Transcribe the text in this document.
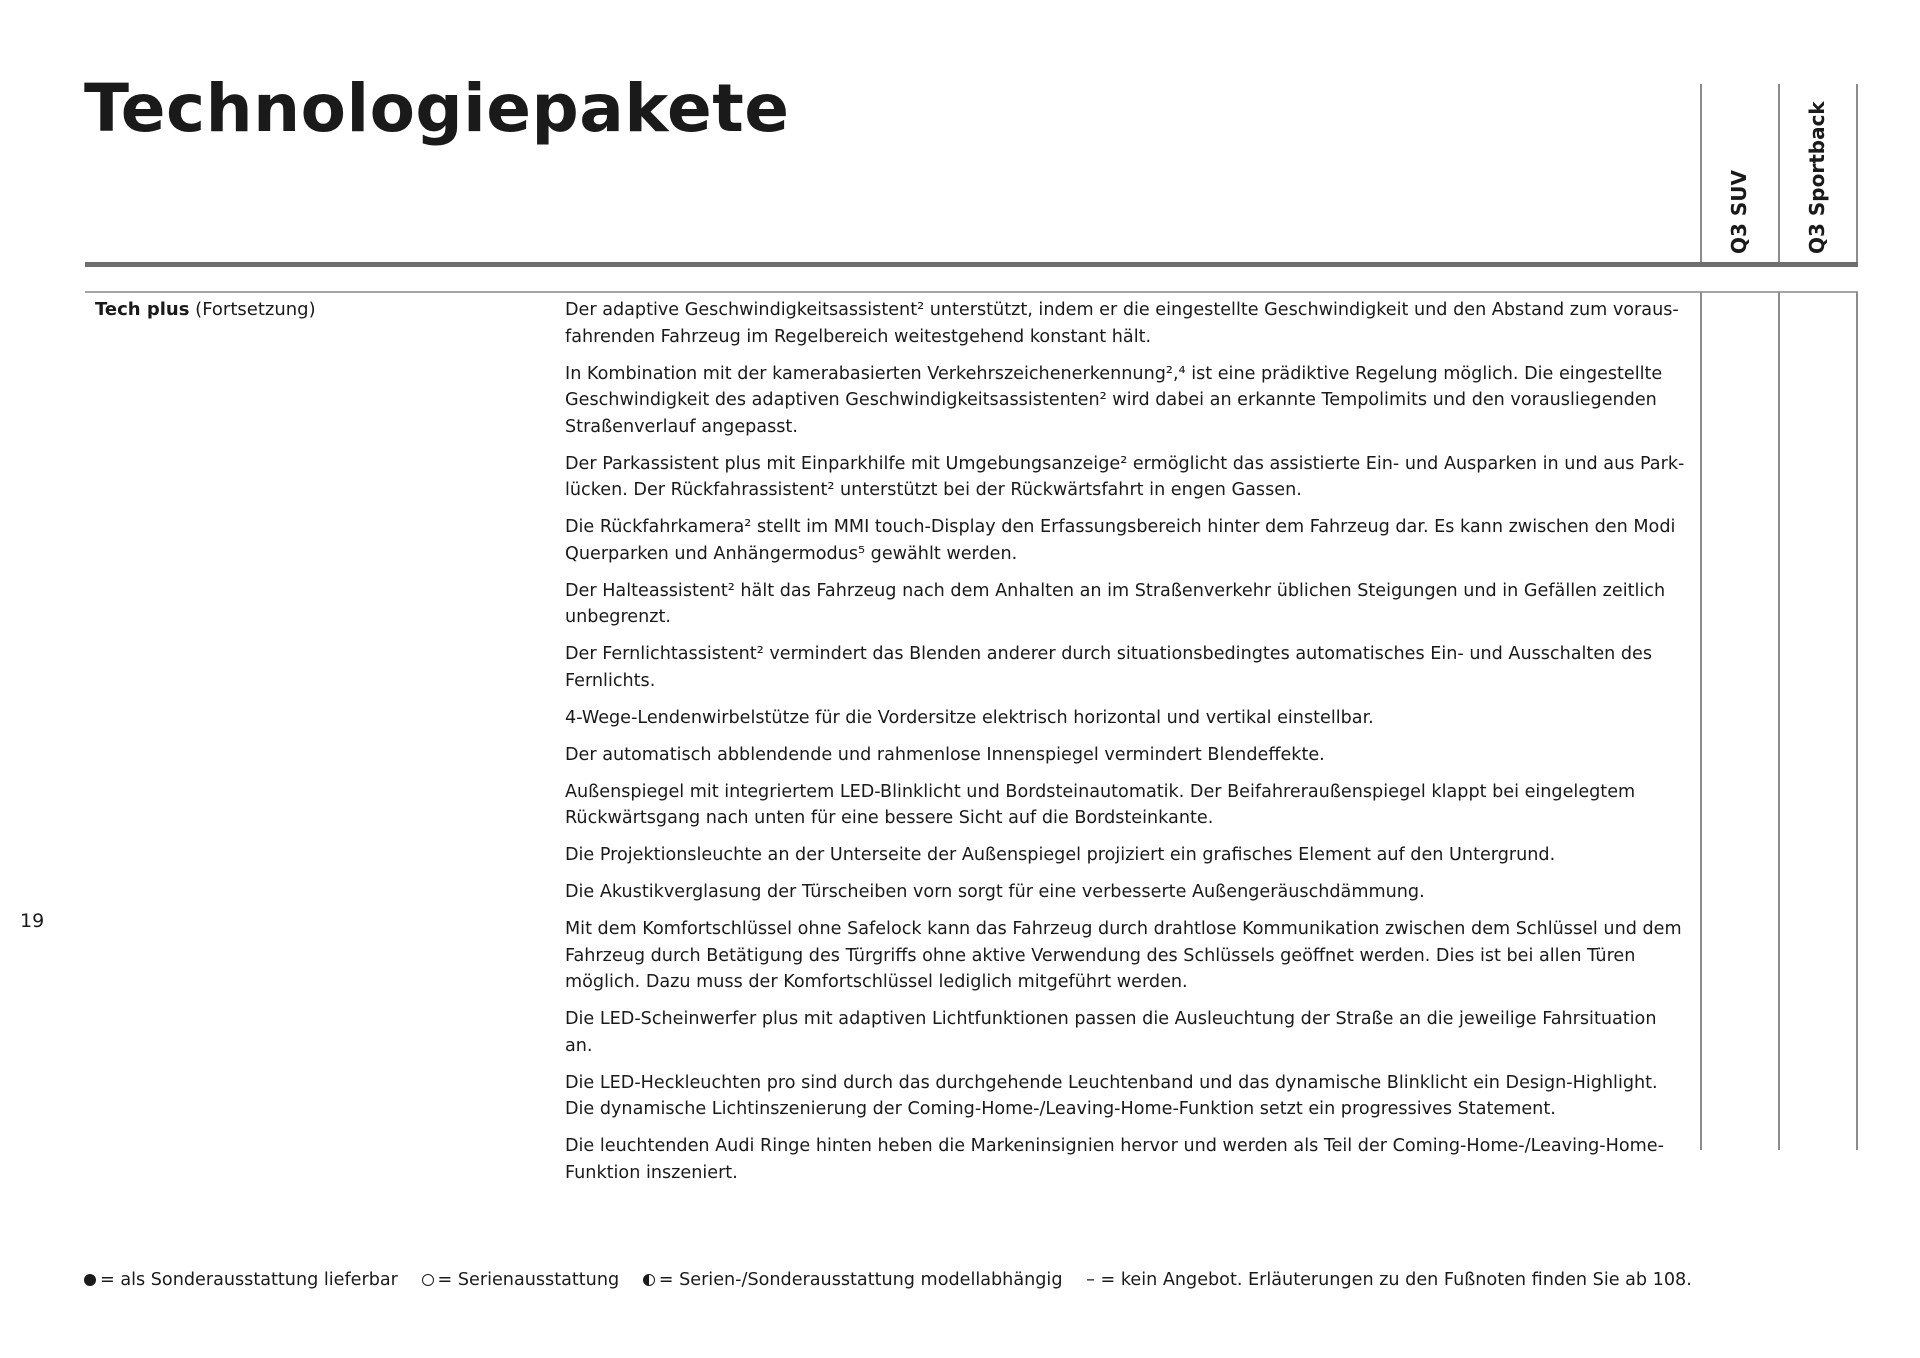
Technologiepakete
Q3 SUV	Q3 Sportback
Tech plus (Fortsetzung)	Der adaptive Geschwindigkeitsassistent² unterstützt, indem er die eingestellte Geschwindigkeit und den Abstand zum voraus-fahrenden Fahrzeug im Regelbereich weitestgehend konstant hält.

In Kombination mit der kamerabasierten Verkehrszeichenerkennung²,⁴ ist eine prädiktive Regelung möglich. Die eingestellte Geschwindigkeit des adaptiven Geschwindigkeitsassistenten² wird dabei an erkannte Tempolimits und den vorausliegenden Straßenverlauf angepasst.

Der Parkassistent plus mit Einparkhilfe mit Umgebungsanzeige² ermöglicht das assistierte Ein- und Ausparken in und aus Park-lücken. Der Rückfahrassistent² unterstützt bei der Rückwärtsfahrt in engen Gassen.

Die Rückfahrkamera² stellt im MMI touch-Display den Erfassungsbereich hinter dem Fahrzeug dar. Es kann zwischen den Modi Querparken und Anhängermodus⁵ gewählt werden.

Der Halteassistent² hält das Fahrzeug nach dem Anhalten an im Straßenverkehr üblichen Steigungen und in Gefällen zeitlich unbegrenzt.

Der Fernlichtassistent² vermindert das Blenden anderer durch situationsbedingtes automatisches Ein- und Ausschalten des Fernlichts.

4-Wege-Lendenwirbelstütze für die Vordersitze elektrisch horizontal und vertikal einstellbar.

Der automatisch abblendende und rahmenlose Innenspiegel vermindert Blendeffekte.

Außenspiegel mit integriertem LED-Blinklicht und Bordsteinautomatik. Der Beifahreraußenspiegel klappt bei eingelegtem Rückwärtsgang nach unten für eine bessere Sicht auf die Bordsteinkante.

Die Projektionsleuchte an der Unterseite der Außenspiegel projiziert ein grafisches Element auf den Untergrund.

Die Akustikverglasung der Türscheiben vorn sorgt für eine verbesserte Außengeräuschdämmung.

Mit dem Komfortschlüssel ohne Safelock kann das Fahrzeug durch drahtlose Kommunikation zwischen dem Schlüssel und dem Fahrzeug durch Betätigung des Türgriffs ohne aktive Verwendung des Schlüssels geöffnet werden. Dies ist bei allen Türen möglich. Dazu muss der Komfortschlüssel lediglich mitgeführt werden.

Die LED-Scheinwerfer plus mit adaptiven Lichtfunktionen passen die Ausleuchtung der Straße an die jeweilige Fahrsituation an.

Die LED-Heckleuchten pro sind durch das durchgehende Leuchtenband und das dynamische Blinklicht ein Design-Highlight. Die dynamische Lichtinszenierung der Coming-Home-/Leaving-Home-Funktion setzt ein progressives Statement.

Die leuchtenden Audi Ringe hinten heben die Markeninsignien hervor und werden als Teil der Coming-Home-/Leaving-Home-Funktion inszeniert.

19
= als Sonderausstattung lieferbar = Serienausstattung = Serien-/Sonderausstattung modellabhängig – = kein Angebot. Erläuterungen zu den Fußnoten finden Sie ab 108.
